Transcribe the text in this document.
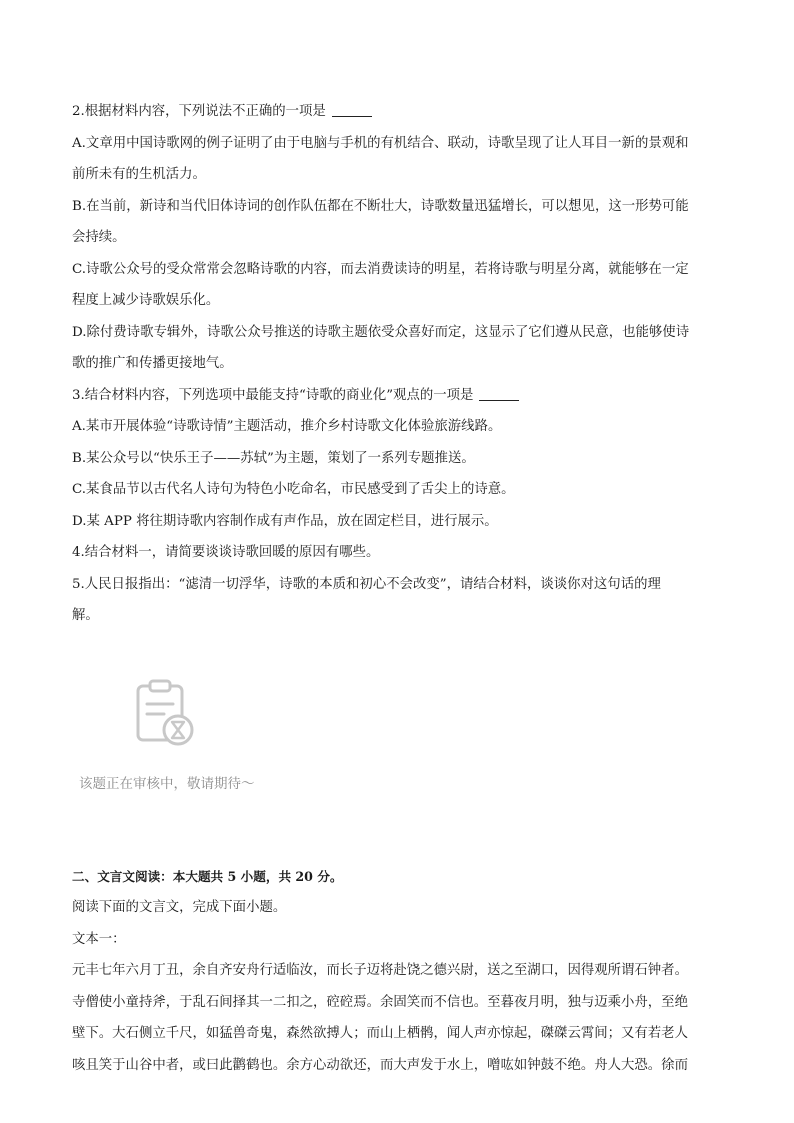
2.根据材料内容，下列说法不正确的一项是
A.文章用中国诗歌网的例子证明了由于电脑与手机的有机结合、联动，诗歌呈现了让人耳目一新的景观和
前所未有的生机活力。
B.在当前，新诗和当代旧体诗词的创作队伍都在不断壮大，诗歌数量迅猛增长，可以想见，这一形势可能
会持续。
C.诗歌公众号的受众常常会忽略诗歌的内容，而去消费读诗的明星，若将诗歌与明星分离，就能够在一定
程度上减少诗歌娱乐化。
D.除付费诗歌专辑外，诗歌公众号推送的诗歌主题依受众喜好而定，这显示了它们遵从民意，也能够使诗
歌的推广和传播更接地气。
3.结合材料内容，下列选项中最能支持“诗歌的商业化”观点的一项是
A.某市开展体验“诗歌诗情”主题活动，推介乡村诗歌文化体验旅游线路。
B.某公众号以“快乐王子——苏轼”为主题，策划了一系列专题推送。
C.某食品节以古代名人诗句为特色小吃命名，市民感受到了舌尖上的诗意。
D.某 APP 将往期诗歌内容制作成有声作品，放在固定栏目，进行展示。
4.结合材料一，请简要谈谈诗歌回暖的原因有哪些。
5.人民日报指出：“滤清一切浮华，诗歌的本质和初心不会改变”，请结合材料，谈谈你对这句话的理
解。
该题正在审核中，敬请期待～
二、文言文阅读：本大题共 5 小题，共 20 分。
阅读下面的文言文，完成下面小题。
文本一：
元丰七年六月丁丑，余自齐安舟行适临汝，而长子迈将赴饶之德兴尉，送之至湖口，因得观所谓石钟者。
寺僧使小童持斧，于乱石间择其一二扣之，硿硿焉。余固笑而不信也。至暮夜月明，独与迈乘小舟，至绝
壁下。大石侧立千尺，如猛兽奇鬼，森然欲搏人；而山上栖鹘，闻人声亦惊起，磔磔云霄间；又有若老人
咳且笑于山谷中者，或曰此鹳鹤也。余方心动欲还，而大声发于水上，噌吰如钟鼓不绝。舟人大恐。徐而
